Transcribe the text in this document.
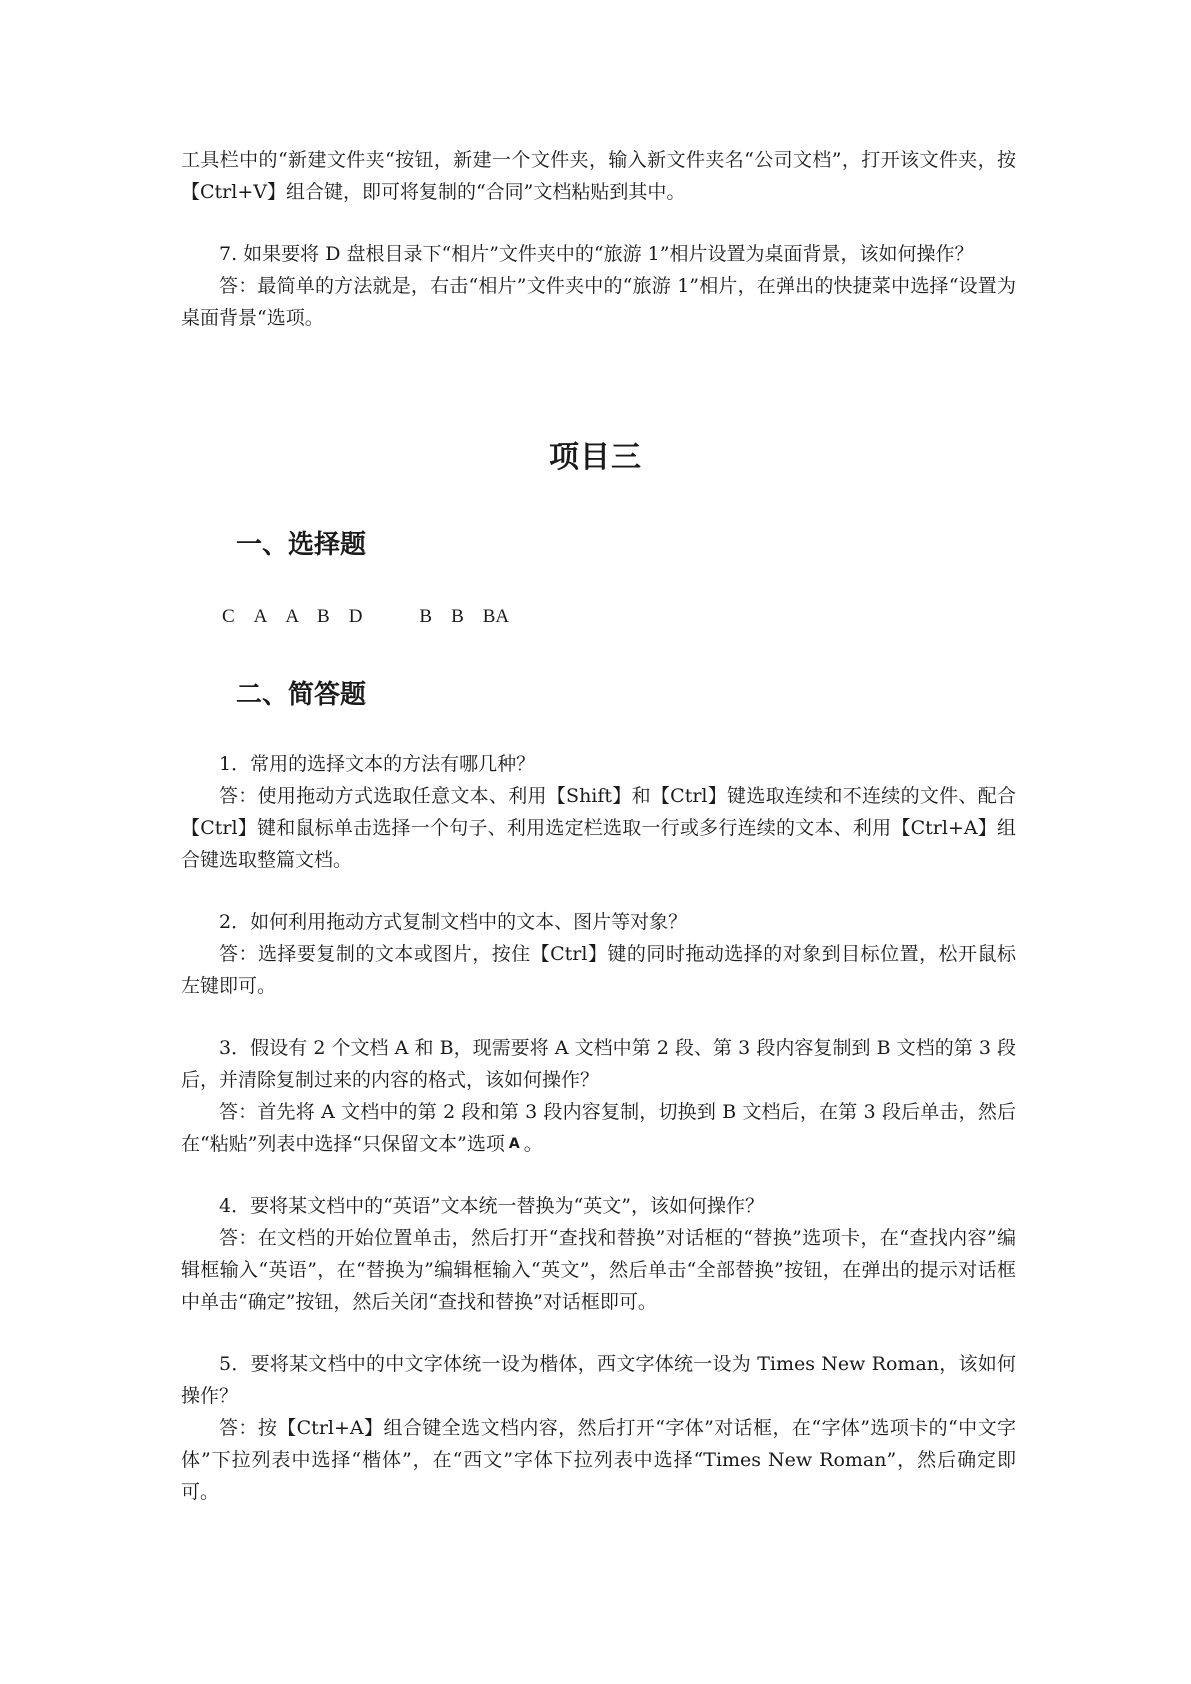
工具栏中的“新建文件夹“按钮，新建一个文件夹，输入新文件夹名“公司文档”，打开该文件夹，按【Ctrl+V】组合键，即可将复制的“合同”文档粘贴到其中。

7. 如果要将 D 盘根目录下“相片”文件夹中的“旅游 1”相片设置为桌面背景，该如何操作？

答：最简单的方法就是，右击“相片”文件夹中的“旅游 1”相片，在弹出的快捷菜中选择“设置为桌面背景“选项。

项目三
一、选择题

C　A　A　B　D　　　B　B　BA

二、简答题

1．常用的选择文本的方法有哪几种？

答：使用拖动方式选取任意文本、利用【Shift】和【Ctrl】键选取连续和不连续的文件、配合【Ctrl】键和鼠标单击选择一个句子、利用选定栏选取一行或多行连续的文本、利用【Ctrl+A】组合键选取整篇文档。

2．如何利用拖动方式复制文档中的文本、图片等对象？

答：选择要复制的文本或图片，按住【Ctrl】键的同时拖动选择的对象到目标位置，松开鼠标左键即可。

3．假设有 2 个文档 A 和 B，现需要将 A 文档中第 2 段、第 3 段内容复制到 B 文档的第 3 段后，并清除复制过来的内容的格式，该如何操作？

答：首先将 A 文档中的第 2 段和第 3 段内容复制，切换到 B 文档后，在第 3 段后单击，然后在“粘贴”列表中选择“只保留文本”选项 A 。

4．要将某文档中的“英语”文本统一替换为“英文”，该如何操作？

答：在文档的开始位置单击，然后打开“查找和替换”对话框的“替换”选项卡，在“查找内容”编辑框输入“英语”，在“替换为”编辑框输入“英文”，然后单击“全部替换”按钮，在弹出的提示对话框中单击“确定”按钮，然后关闭“查找和替换”对话框即可。

5．要将某文档中的中文字体统一设为楷体，西文字体统一设为 Times New Roman，该如何操作？

答：按【Ctrl+A】组合键全选文档内容，然后打开“字体”对话框，在“字体”选项卡的“中文字体”下拉列表中选择“楷体”，在“西文”字体下拉列表中选择“Times New Roman”，然后确定即可。
